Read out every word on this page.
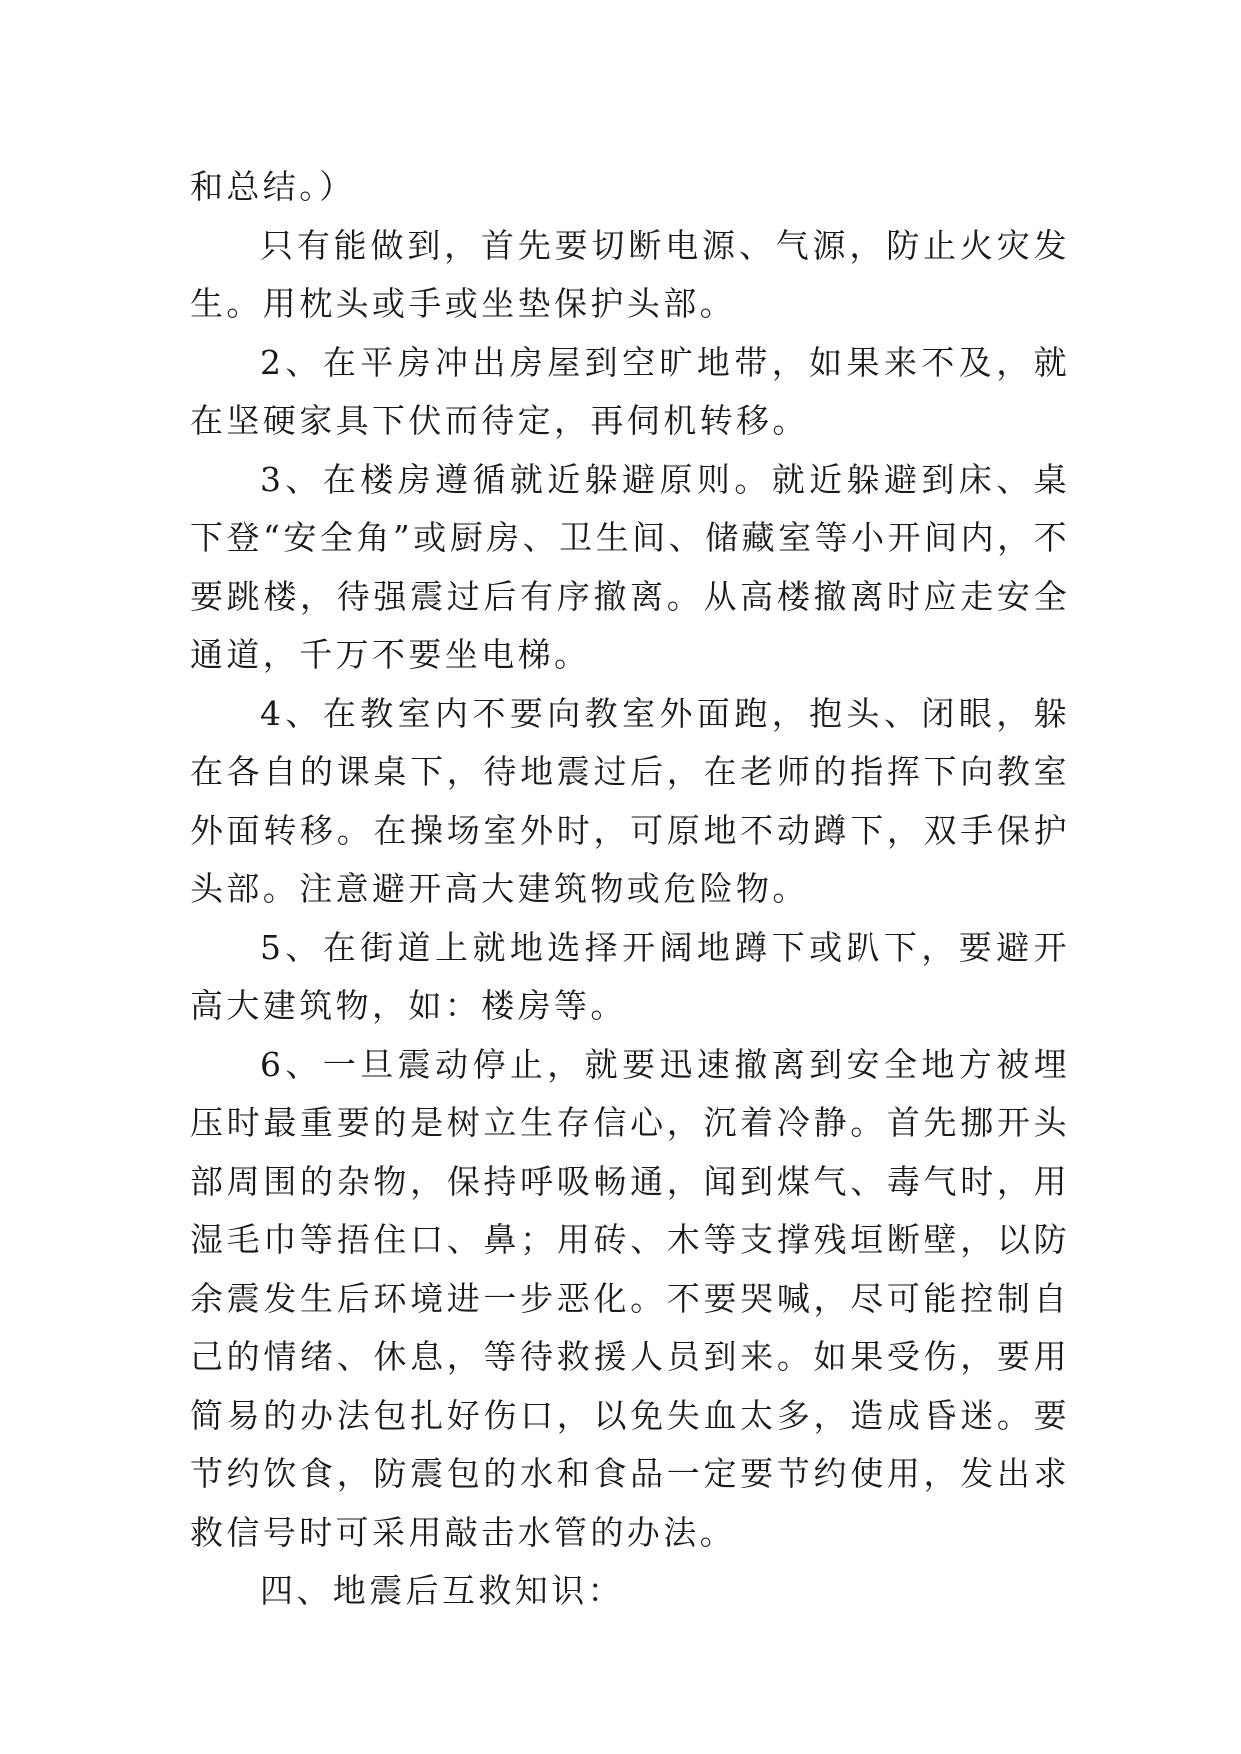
和总结。）

只有能做到，首先要切断电源、气源，防止火灾发生。用枕头或手或坐垫保护头部。

2、在平房冲出房屋到空旷地带，如果来不及，就在坚硬家具下伏而待定，再伺机转移。

3、在楼房遵循就近躲避原则。就近躲避到床、桌下登“安全角”或厨房、卫生间、储藏室等小开间内，不要跳楼，待强震过后有序撤离。从高楼撤离时应走安全通道，千万不要坐电梯。

4、在教室内不要向教室外面跑，抱头、闭眼，躲在各自的课桌下，待地震过后，在老师的指挥下向教室外面转移。在操场室外时，可原地不动蹲下，双手保护头部。注意避开高大建筑物或危险物。

5、在街道上就地选择开阔地蹲下或趴下，要避开高大建筑物，如：楼房等。

6、一旦震动停止，就要迅速撤离到安全地方被埋压时最重要的是树立生存信心，沉着冷静。首先挪开头部周围的杂物，保持呼吸畅通，闻到煤气、毒气时，用湿毛巾等捂住口、鼻；用砖、木等支撑残垣断壁，以防余震发生后环境进一步恶化。不要哭喊，尽可能控制自己的情绪、休息，等待救援人员到来。如果受伤，要用简易的办法包扎好伤口，以免失血太多，造成昏迷。要节约饮食，防震包的水和食品一定要节约使用，发出求救信号时可采用敲击水管的办法。

四、地震后互救知识：
